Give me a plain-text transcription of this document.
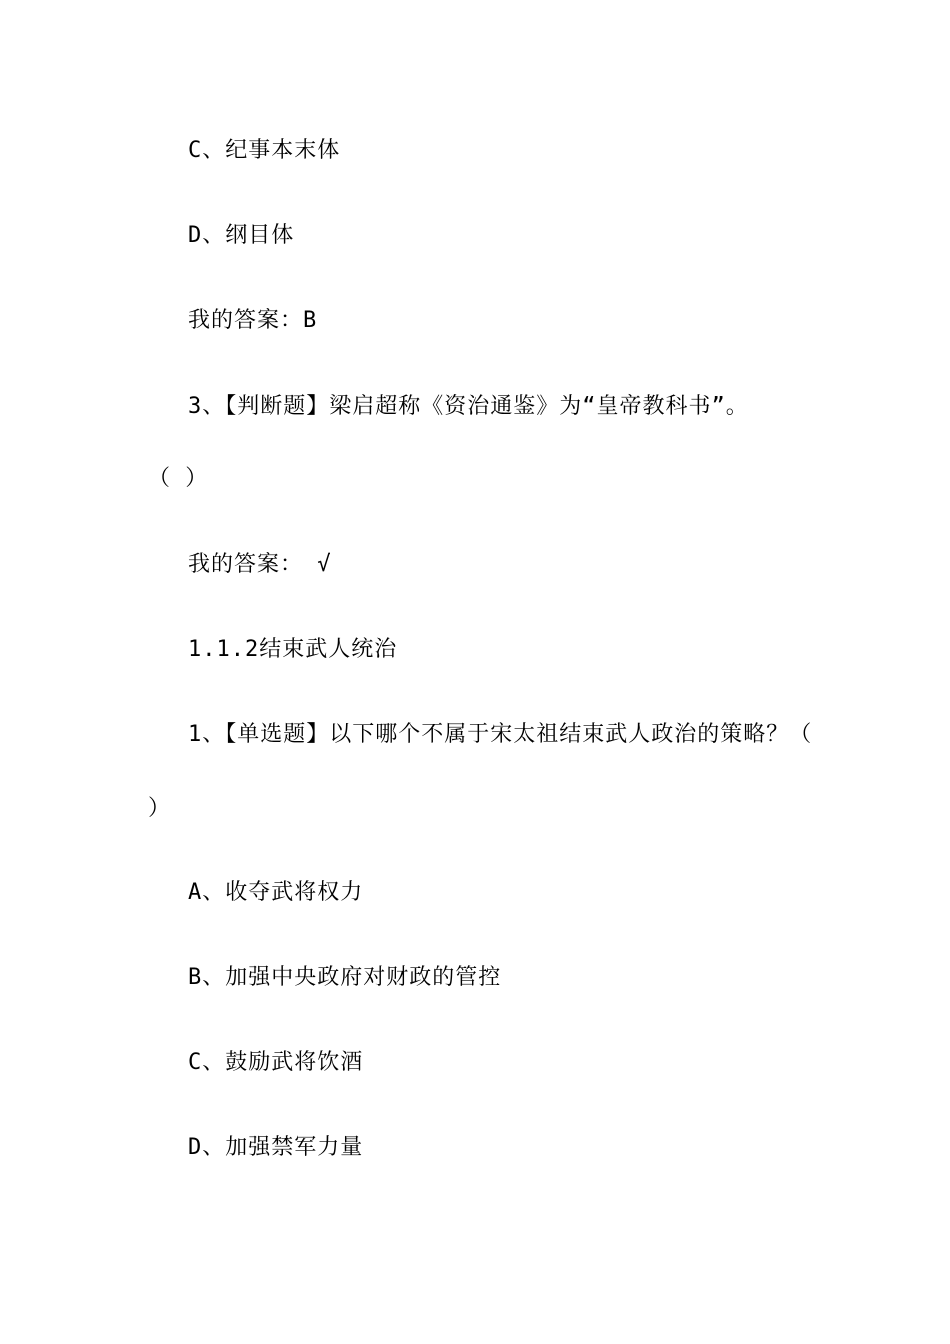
C、纪事本末体
D、纲目体
我的答案：B
3、【判断题】梁启超称《资治通鉴》为“皇帝教科书”。
（ ）
我的答案： √
1.1.2结束武人统治
1、【单选题】以下哪个不属于宋太祖结束武人政治的策略？（
）
A、收夺武将权力
B、加强中央政府对财政的管控
C、鼓励武将饮酒
D、加强禁军力量
